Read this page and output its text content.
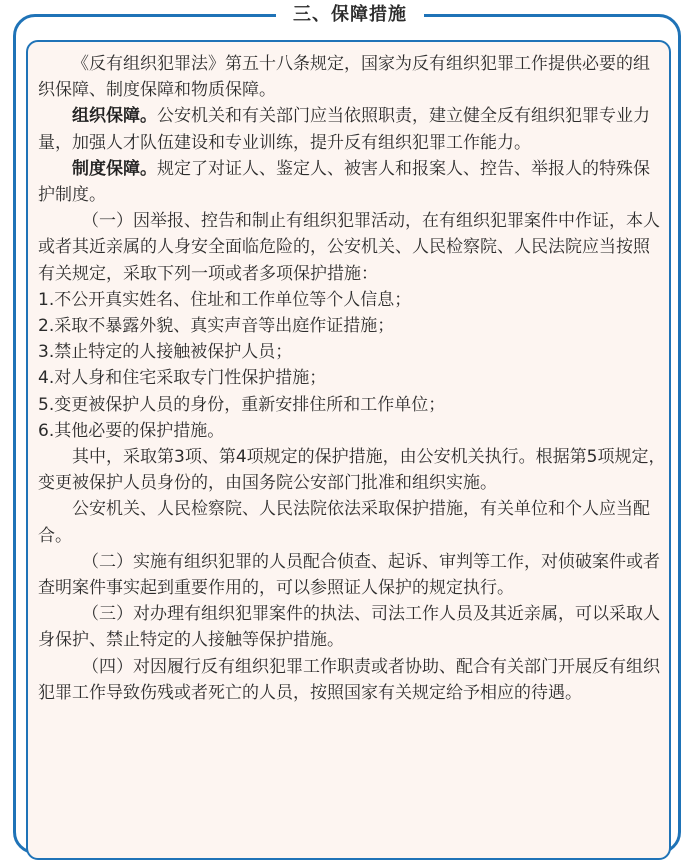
三、保障措施

《反有组织犯罪法》第五十八条规定，国家为反有组织犯罪工作提供必要的组织保障、制度保障和物质保障。

组织保障。公安机关和有关部门应当依照职责，建立健全反有组织犯罪专业力量，加强人才队伍建设和专业训练，提升反有组织犯罪工作能力。

制度保障。规定了对证人、鉴定人、被害人和报案人、控告、举报人的特殊保护制度。

（一）因举报、控告和制止有组织犯罪活动，在有组织犯罪案件中作证，本人或者其近亲属的人身安全面临危险的，公安机关、人民检察院、人民法院应当按照有关规定，采取下列一项或者多项保护措施：

1.不公开真实姓名、住址和工作单位等个人信息；

2.采取不暴露外貌、真实声音等出庭作证措施；

3.禁止特定的人接触被保护人员；

4.对人身和住宅采取专门性保护措施；

5.变更被保护人员的身份，重新安排住所和工作单位；

6.其他必要的保护措施。

其中，采取第3项、第4项规定的保护措施，由公安机关执行。根据第5项规定，变更被保护人员身份的，由国务院公安部门批准和组织实施。

公安机关、人民检察院、人民法院依法采取保护措施，有关单位和个人应当配合。

（二）实施有组织犯罪的人员配合侦查、起诉、审判等工作，对侦破案件或者查明案件事实起到重要作用的，可以参照证人保护的规定执行。

（三）对办理有组织犯罪案件的执法、司法工作人员及其近亲属，可以采取人身保护、禁止特定的人接触等保护措施。

（四）对因履行反有组织犯罪工作职责或者协助、配合有关部门开展反有组织犯罪工作导致伤残或者死亡的人员，按照国家有关规定给予相应的待遇。
